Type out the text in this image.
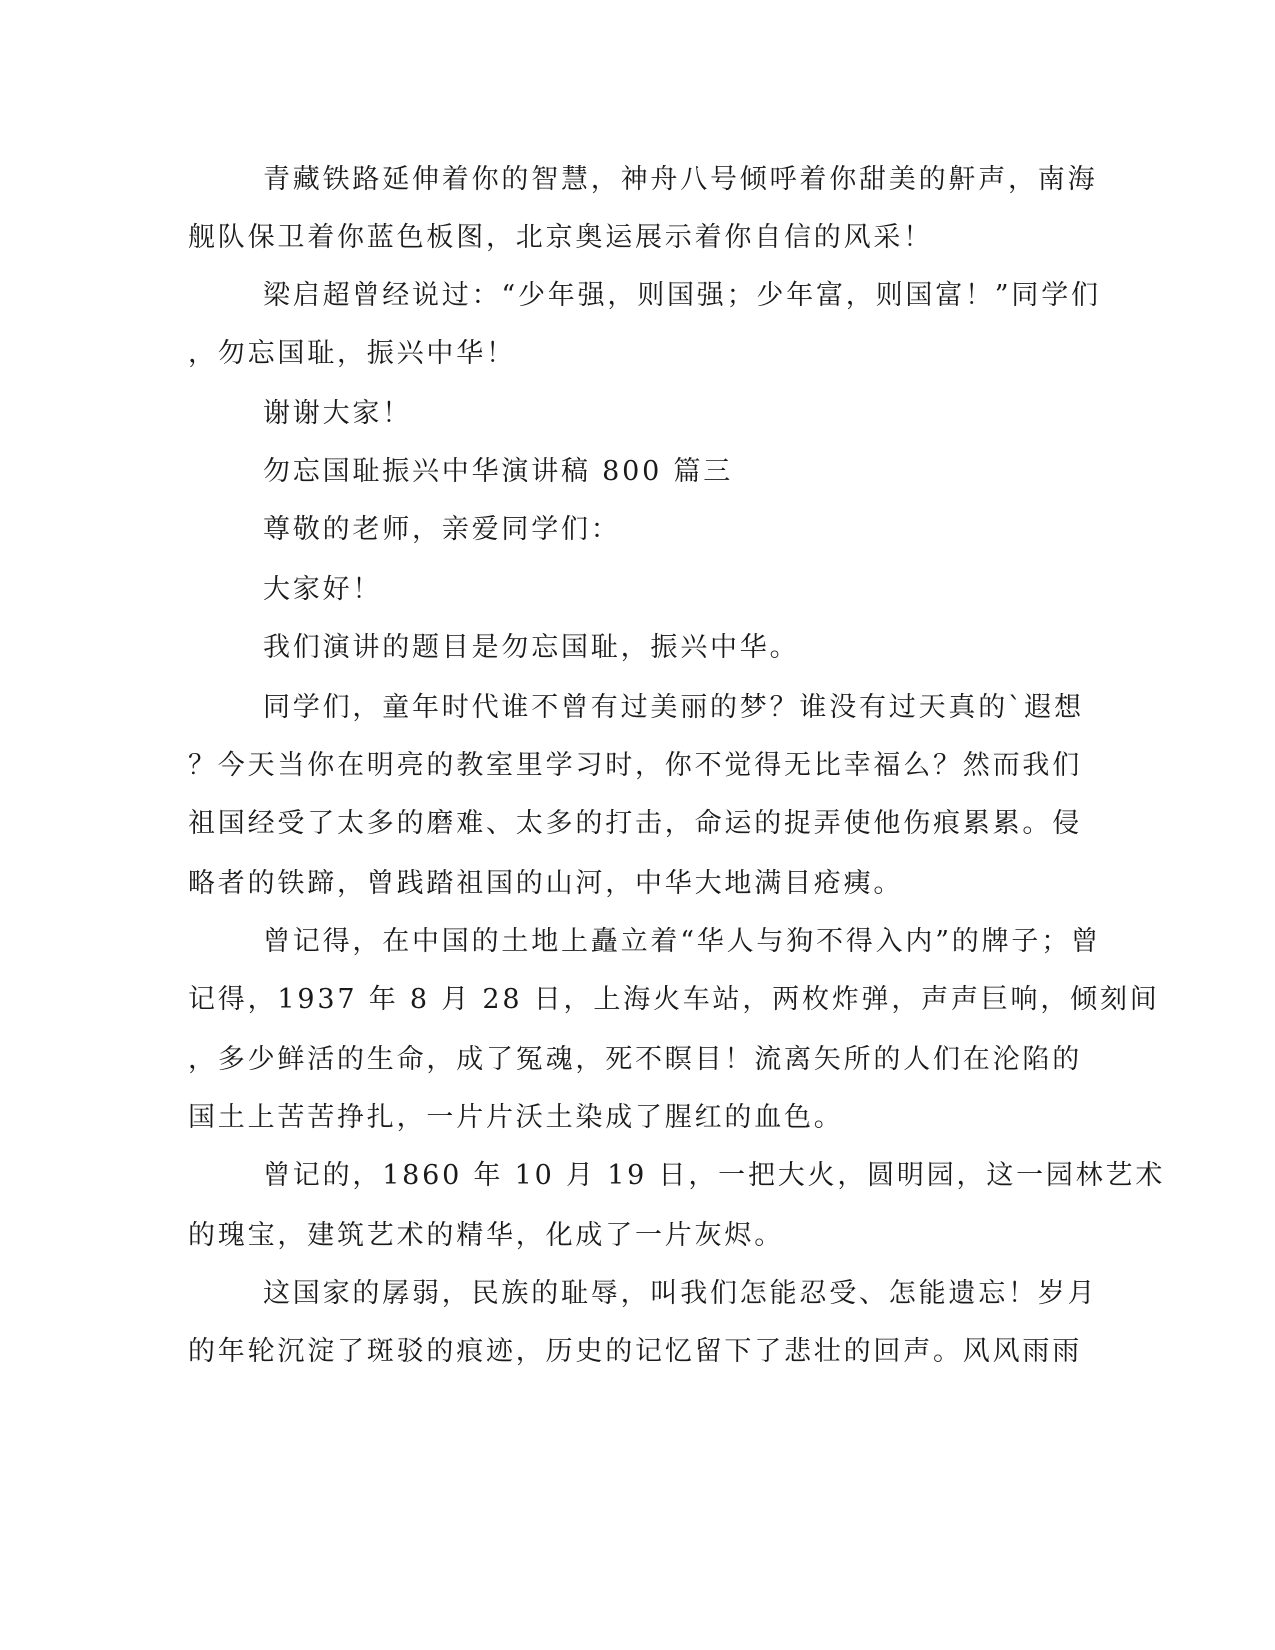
青藏铁路延伸着你的智慧，神舟八号倾呼着你甜美的鼾声，南海
舰队保卫着你蓝色板图，北京奥运展示着你自信的风采！
梁启超曾经说过：“少年强，则国强；少年富，则国富！”同学们
，勿忘国耻，振兴中华！
谢谢大家！
勿忘国耻振兴中华演讲稿 800 篇三
尊敬的老师，亲爱同学们：
大家好！
我们演讲的题目是勿忘国耻，振兴中华。
同学们，童年时代谁不曾有过美丽的梦？谁没有过天真的`遐想
？今天当你在明亮的教室里学习时，你不觉得无比幸福么？然而我们
祖国经受了太多的磨难、太多的打击，命运的捉弄使他伤痕累累。侵
略者的铁蹄，曾践踏祖国的山河，中华大地满目疮痍。
曾记得，在中国的土地上矗立着“华人与狗不得入内”的牌子；曾
记得，1937 年 8 月 28 日，上海火车站，两枚炸弹，声声巨响，倾刻间
，多少鲜活的生命，成了冤魂，死不瞑目！流离矢所的人们在沦陷的
国土上苦苦挣扎，一片片沃土染成了腥红的血色。
曾记的，1860 年 10 月 19 日，一把大火，圆明园，这一园林艺术
的瑰宝，建筑艺术的精华，化成了一片灰烬。
这国家的孱弱，民族的耻辱，叫我们怎能忍受、怎能遗忘！岁月
的年轮沉淀了斑驳的痕迹，历史的记忆留下了悲壮的回声。风风雨雨
